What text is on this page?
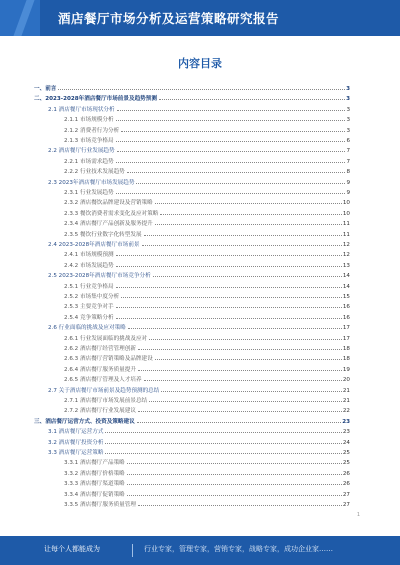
酒店餐厅市场分析及运营策略研究报告
内容目录
一、前言	3
二、2023-2028年酒店餐厅市场前景及趋势预测	3
2.1 酒店餐厅市场现状分析	3
2.1.1 市场规模分析	3
2.1.2 消费者行为分析	3
2.1.3 市场竞争格局	6
2.2 酒店餐厅行业发展趋势	7
2.2.1 市场需求趋势	7
2.2.2 行业技术发展趋势	8
2.3 2023年酒店餐厅市场发展趋势	9
2.3.1 行业发展趋势	9
2.3.2 酒店餐饮品牌建设及营销策略	10
2.3.3 餐饮消费者需求变化及应对策略	10
2.3.4 酒店餐厅产品创新及服务提升	11
2.3.5 餐饮行业数字化转型发展	11
2.4 2023-2028年酒店餐厅市场前景	12
2.4.1 市场规模预测	12
2.4.2 市场发展趋势	13
2.5 2023-2028年酒店餐厅市场竞争分析	14
2.5.1 行业竞争格局	14
2.5.2 市场集中度分析	15
2.5.3 主要竞争对手	16
2.5.4 竞争策略分析	16
2.6 行业面临的挑战及应对策略	17
2.6.1 行业发展面临的挑战及应对	17
2.6.2 酒店餐厅经营管理创新	18
2.6.3 酒店餐厅营销策略及品牌建设	18
2.6.4 酒店餐厅服务质量提升	19
2.6.5 酒店餐厅管理及人才培养	20
2.7 关于酒店餐厅市场前景及趋势预测的总结	21
2.7.1 酒店餐厅市场发展前景总结	21
2.7.2 酒店餐厅行业发展建议	22
三、酒店餐厅运营方式、投资及策略建议	23
3.1 酒店餐厅运营方式	23
3.2 酒店餐厅投资分析	24
3.3 酒店餐厅运营策略	25
3.3.1 酒店餐厅产品策略	25
3.3.2 酒店餐厅价格策略	26
3.3.3 酒店餐厅渠道策略	26
3.3.4 酒店餐厅促销策略	27
3.3.5 酒店餐厅服务质量管理	27
1
让每个人都能成为	行业专家，管理专家，营销专家，战略专家，成功企业家……
